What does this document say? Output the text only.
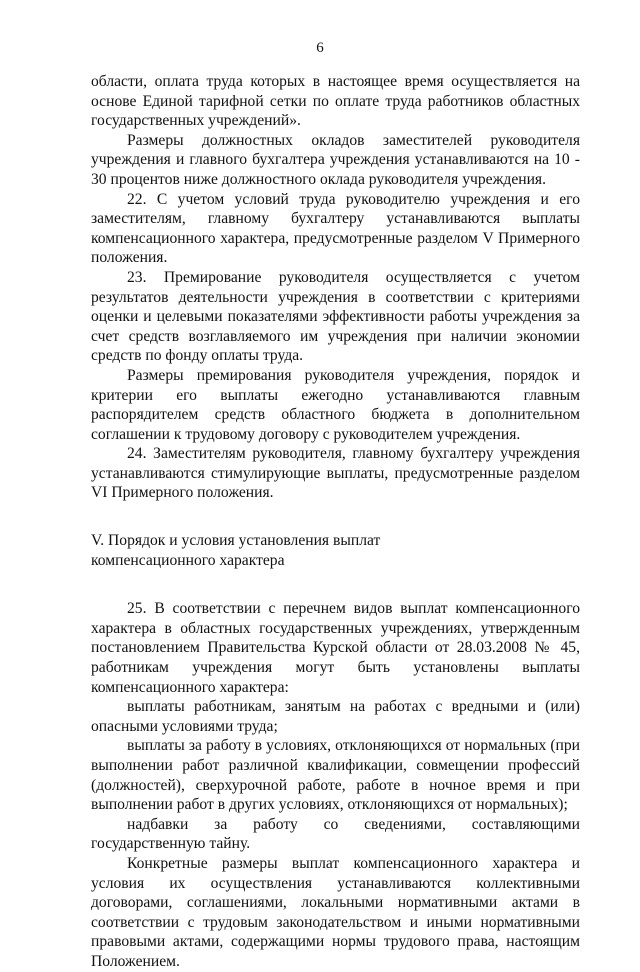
6

области, оплата труда которых в настоящее время осуществляется на основе Единой тарифной сетки по оплате труда работников областных государственных учреждений».

Размеры должностных окладов заместителей руководителя учреждения и главного бухгалтера учреждения устанавливаются на 10 - 30 процентов ниже должностного оклада руководителя учреждения.

22. С учетом условий труда руководителю учреждения и его заместителям, главному бухгалтеру устанавливаются выплаты компенсационного характера, предусмотренные разделом V Примерного положения.

23. Премирование руководителя осуществляется с учетом результатов деятельности учреждения в соответствии с критериями оценки и целевыми показателями эффективности работы учреждения за счет средств возглавляемого им учреждения при наличии экономии средств по фонду оплаты труда.

Размеры премирования руководителя учреждения, порядок и критерии его выплаты ежегодно устанавливаются главным распорядителем средств областного бюджета в дополнительном соглашении к трудовому договору с руководителем учреждения.

24. Заместителям руководителя, главному бухгалтеру учреждения устанавливаются стимулирующие выплаты, предусмотренные разделом VI Примерного положения.

V. Порядок и условия установления выплат
компенсационного характера

25. В соответствии с перечнем видов выплат компенсационного характера в областных государственных учреждениях, утвержденным постановлением Правительства Курской области от 28.03.2008 № 45, работникам учреждения могут быть установлены выплаты компенсационного характера:

выплаты работникам, занятым на работах с вредными и (или) опасными условиями труда;

выплаты за работу в условиях, отклоняющихся от нормальных (при выполнении работ различной квалификации, совмещении профессий (должностей), сверхурочной работе, работе в ночное время и при выполнении работ в других условиях, отклоняющихся от нормальных);

надбавки за работу со сведениями, составляющими государственную тайну.

Конкретные размеры выплат компенсационного характера и условия их осуществления устанавливаются коллективными договорами, соглашениями, локальными нормативными актами в соответствии с трудовым законодательством и иными нормативными правовыми актами, содержащими нормы трудового права, настоящим Положением.
